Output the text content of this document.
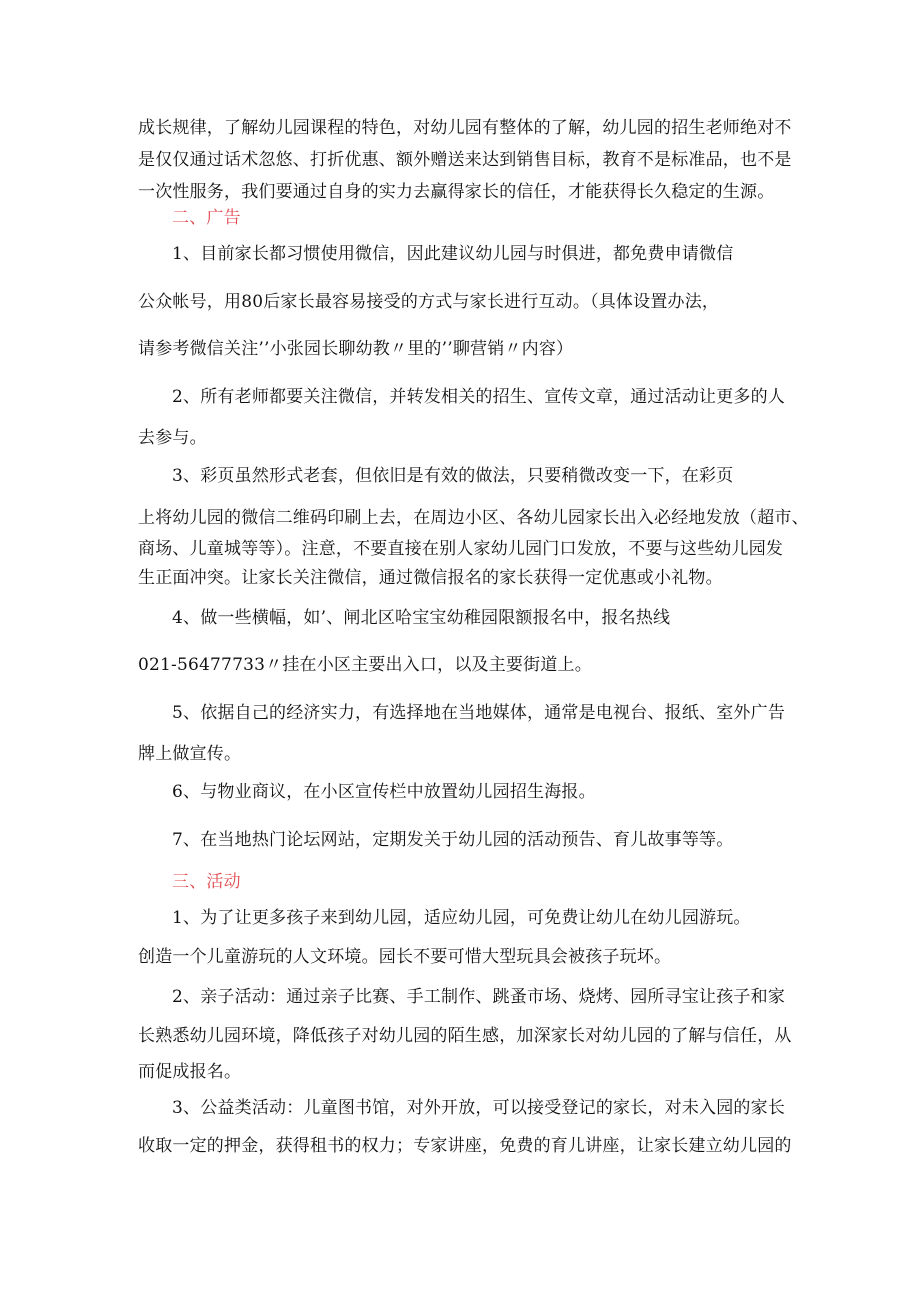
成长规律，了解幼儿园课程的特色，对幼儿园有整体的了解，幼儿园的招生老师绝对不
是仅仅通过话术忽悠、打折优惠、额外赠送来达到销售目标，教育不是标准品，也不是
一次性服务，我们要通过自身的实力去赢得家长的信任，才能获得长久稳定的生源。
二、广告
1、目前家长都习惯使用微信，因此建议幼儿园与时俱进，都免费申请微信
公众帐号，用80后家长最容易接受的方式与家长进行互动。（具体设置办法，
请参考微信关注’’小张园长聊幼教〃里的’’聊营销〃内容）
2、所有老师都要关注微信，并转发相关的招生、宣传文章，通过活动让更多的人
去参与。
3、彩页虽然形式老套，但依旧是有效的做法，只要稍微改变一下，在彩页
上将幼儿园的微信二维码印刷上去，在周边小区、各幼儿园家长出入必经地发放（超市、
商场、儿童城等等）。注意，不要直接在别人家幼儿园门口发放，不要与这些幼儿园发
生正面冲突。让家长关注微信，通过微信报名的家长获得一定优惠或小礼物。
4、做一些横幅，如’、闸北区哈宝宝幼稚园限额报名中，报名热线
021-56477733〃挂在小区主要出入口，以及主要街道上。
5、依据自己的经济实力，有选择地在当地媒体，通常是电视台、报纸、室外广告
牌上做宣传。
6、与物业商议，在小区宣传栏中放置幼儿园招生海报。
7、在当地热门论坛网站，定期发关于幼儿园的活动预告、育儿故事等等。
三、活动
1、为了让更多孩子来到幼儿园，适应幼儿园，可免费让幼儿在幼儿园游玩。
创造一个儿童游玩的人文环境。园长不要可惜大型玩具会被孩子玩坏。
2、亲子活动：通过亲子比赛、手工制作、跳蚤市场、烧烤、园所寻宝让孩子和家
长熟悉幼儿园环境，降低孩子对幼儿园的陌生感，加深家长对幼儿园的了解与信任，从
而促成报名。
3、公益类活动：儿童图书馆，对外开放，可以接受登记的家长，对未入园的家长
收取一定的押金，获得租书的权力；专家讲座，免费的育儿讲座，让家长建立幼儿园的
